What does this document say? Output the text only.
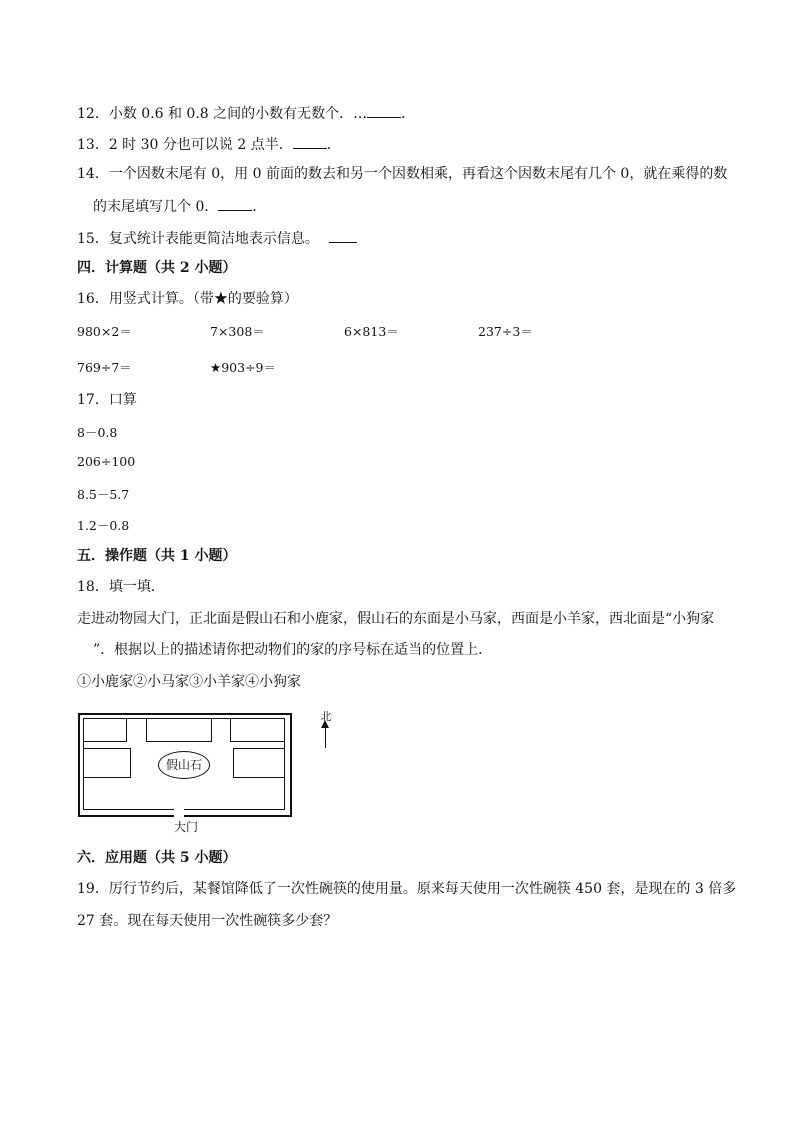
12．小数 0.6 和 0.8 之间的小数有无数个．… ．
13．2 时 30 分也可以说 2 点半． ．
14．一个因数末尾有 0，用 0 前面的数去和另一个因数相乘，再看这个因数末尾有几个 0，就在乘得的数
的末尾填写几个 0． ．
15．复式统计表能更简洁地表示信息。
四．计算题（共 2 小题）
16．用竖式计算。（带★的要验算）
980×2＝	7×308＝	6×813＝	237÷3＝
769÷7＝	★903÷9＝
17．口算
8－0.8
206÷100
8.5－5.7
1.2－0.8
五．操作题（共 1 小题）
18．填一填．
走进动物园大门，正北面是假山石和小鹿家，假山石的东面是小马家，西面是小羊家，西北面是“小狗家
”．根据以上的描述请你把动物们的家的序号标在适当的位置上．
①小鹿家②小马家③小羊家④小狗家
假山石
大门
北
六．应用题（共 5 小题）
19．厉行节约后，某餐馆降低了一次性碗筷的使用量。原来每天使用一次性碗筷 450 套，是现在的 3 倍多
27 套。现在每天使用一次性碗筷多少套？
